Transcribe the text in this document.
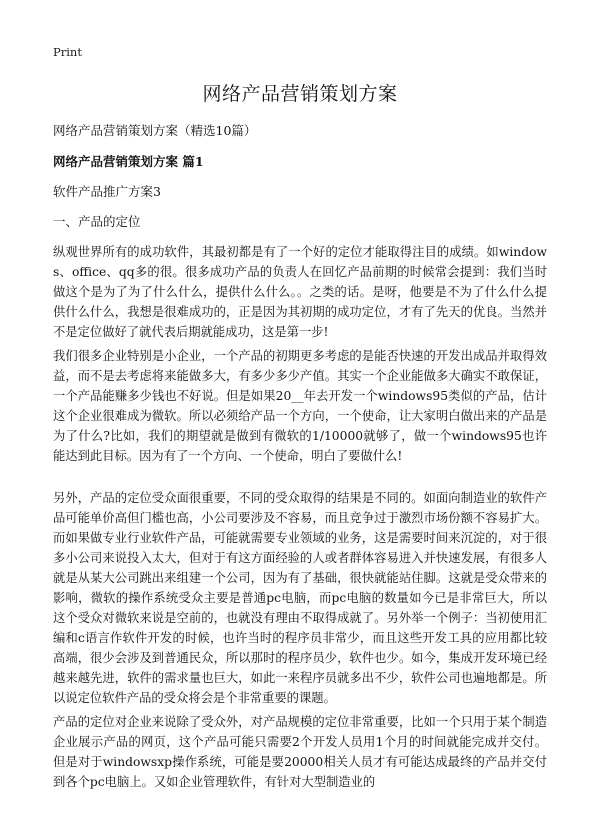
Print
网络产品营销策划方案
网络产品营销策划方案（精选10篇）
网络产品营销策划方案 篇1
软件产品推广方案3
一、产品的定位

纵观世界所有的成功软件，其最初都是有了一个好的定位才能取得注目的成绩。如windows、office、qq多的很。很多成功产品的负责人在回忆产品前期的时候常会提到：我们当时做这个是为了为了什么什么，提供什么什么。。之类的话。是呀，他要是不为了什么什么提供什么什么，我想是很难成功的，正是因为其初期的成功定位，才有了先天的优良。当然并不是定位做好了就代表后期就能成功，这是第一步!

我们很多企业特别是小企业，一个产品的初期更多考虑的是能否快速的开发出成品并取得效益，而不是去考虑将来能做多大，有多少多少产值。其实一个企业能做多大确实不敢保证，一个产品能赚多少钱也不好说。但是如果20__年去开发一个windows95类似的产品，估计这个企业很难成为微软。所以必须给产品一个方向，一个使命，让大家明白做出来的产品是为了什么?比如，我们的期望就是做到有微软的1/10000就够了，做一个windows95也许能达到此目标。因为有了一个方向、一个使命，明白了要做什么!

另外，产品的定位受众面很重要，不同的受众取得的结果是不同的。如面向制造业的软件产品可能单价高但门槛也高，小公司要涉及不容易，而且竞争过于激烈市场份额不容易扩大。而如果做专业行业软件产品，可能就需要专业领域的业务，这是需要时间来沉淀的，对于很多小公司来说投入太大，但对于有这方面经验的人或者群体容易进入并快速发展，有很多人就是从某大公司跳出来组建一个公司，因为有了基础，很快就能站住脚。这就是受众带来的影响，微软的操作系统受众主要是普通pc电脑，而pc电脑的数量如今已是非常巨大，所以这个受众对微软来说是空前的，也就没有理由不取得成就了。另外举一个例子：当初使用汇编和c语言作软件开发的时候，也许当时的程序员非常少，而且这些开发工具的应用都比较高端，很少会涉及到普通民众，所以那时的程序员少，软件也少。如今，集成开发环境已经越来越先进，软件的需求量也巨大，如此一来程序员就多出不少，软件公司也遍地都是。所以说定位软件产品的受众将会是个非常重要的课题。

产品的定位对企业来说除了受众外，对产品规模的定位非常重要，比如一个只用于某个制造企业展示产品的网页，这个产品可能只需要2个开发人员用1个月的时间就能完成并交付。但是对于windowsxp操作系统，可能是要20000相关人员才有可能达成最终的产品并交付到各个pc电脑上。又如企业管理软件，有针对大型制造业的
